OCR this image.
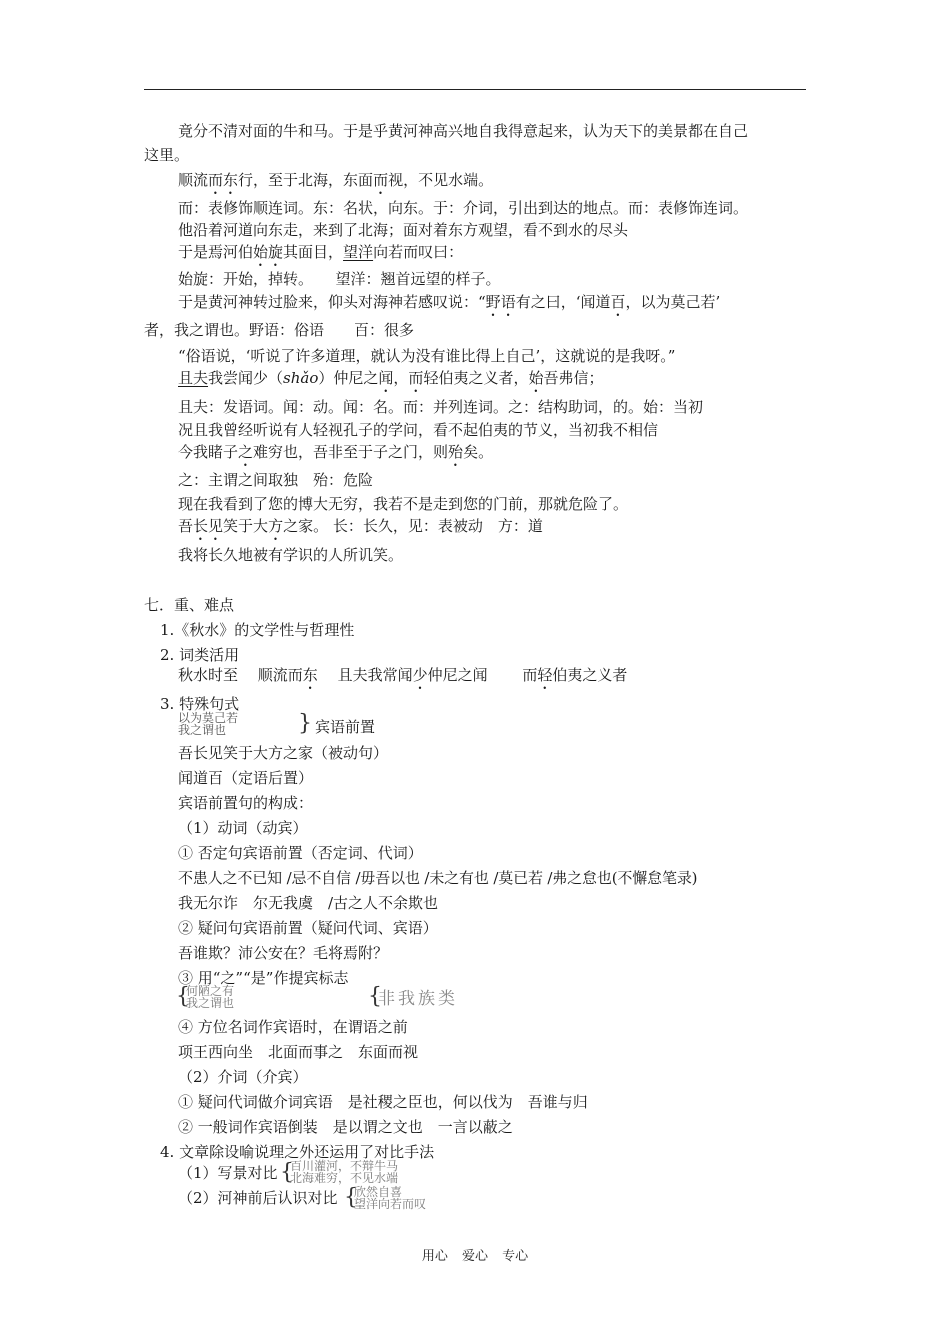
竟分不清对面的牛和马。于是乎黄河神高兴地自我得意起来，认为天下的美景都在自己
这里。
顺流而东行，至于北海，东面而视，不见水端。
而：表修饰顺连词。东：名状，向东。于：介词，引出到达的地点。而：表修饰连词。
他沿着河道向东走，来到了北海；面对着东方观望，看不到水的尽头
于是焉河伯始旋其面目，望洋向若而叹曰：
始旋：开始，掉转。　　望洋：翘首远望的样子。
于是黄河神转过脸来，仰头对海神若感叹说：“野语有之曰，‘闻道百，以为莫己若’
者，我之谓也。野语：俗语　　百：很多
“俗语说，‘听说了许多道理，就认为没有谁比得上自己’，这就说的是我呀。”
且夫我尝闻少（shǎo）仲尼之闻，而轻伯夷之义者，始吾弗信；
且夫：发语词。闻：动。闻：名。而：并列连词。之：结构助词，的。始：当初
况且我曾经听说有人轻视孔子的学问，看不起伯夷的节义，当初我不相信
今我睹子之难穷也，吾非至于子之门，则殆矣。
之：主谓之间取独　殆：危险
现在我看到了您的博大无穷，我若不是走到您的门前，那就危险了。
吾长见笑于大方之家。 长：长久，见：表被动　方：道
我将长久地被有学识的人所讥笑。
七．重、难点
1.《秋水》的文学性与哲理性
2. 词类活用
秋水时至　 顺流而东　 且夫我常闻少仲尼之闻　　 而轻伯夷之义者
3. 特殊句式
以为莫己若
我之谓也	} 宾语前置
吾长见笑于大方之家（被动句）
闻道百（定语后置）
宾语前置句的构成：
（1）动词（动宾）
① 否定句宾语前置（否定词、代词）
不患人之不已知 /忌不自信 /毋吾以也 /未之有也 /莫已若 /弗之怠也(不懈怠笔录)
我无尔诈　尔无我虞　/古之人不余欺也
② 疑问句宾语前置（疑问代词、宾语）
吾谁欺？沛公安在？毛将焉附？
③ 用“之”“是”作提宾标志
{
何陋之有
我之谓也	{
非我族类
④ 方位名词作宾语时，在谓语之前
项王西向坐　北面而事之　东面而视
（2）介词（介宾）
① 疑问代词做介词宾语　是社稷之臣也，何以伐为　吾谁与归
② 一般词作宾语倒装　是以谓之文也　一言以蔽之
4. 文章除设喻说理之外还运用了对比手法
（1）写景对比 {
百川灌河，不辩牛马
北海难穷，不见水端
（2）河神前后认识对比 {
欣然自喜
望洋向若而叹
用心 爱心 专心
